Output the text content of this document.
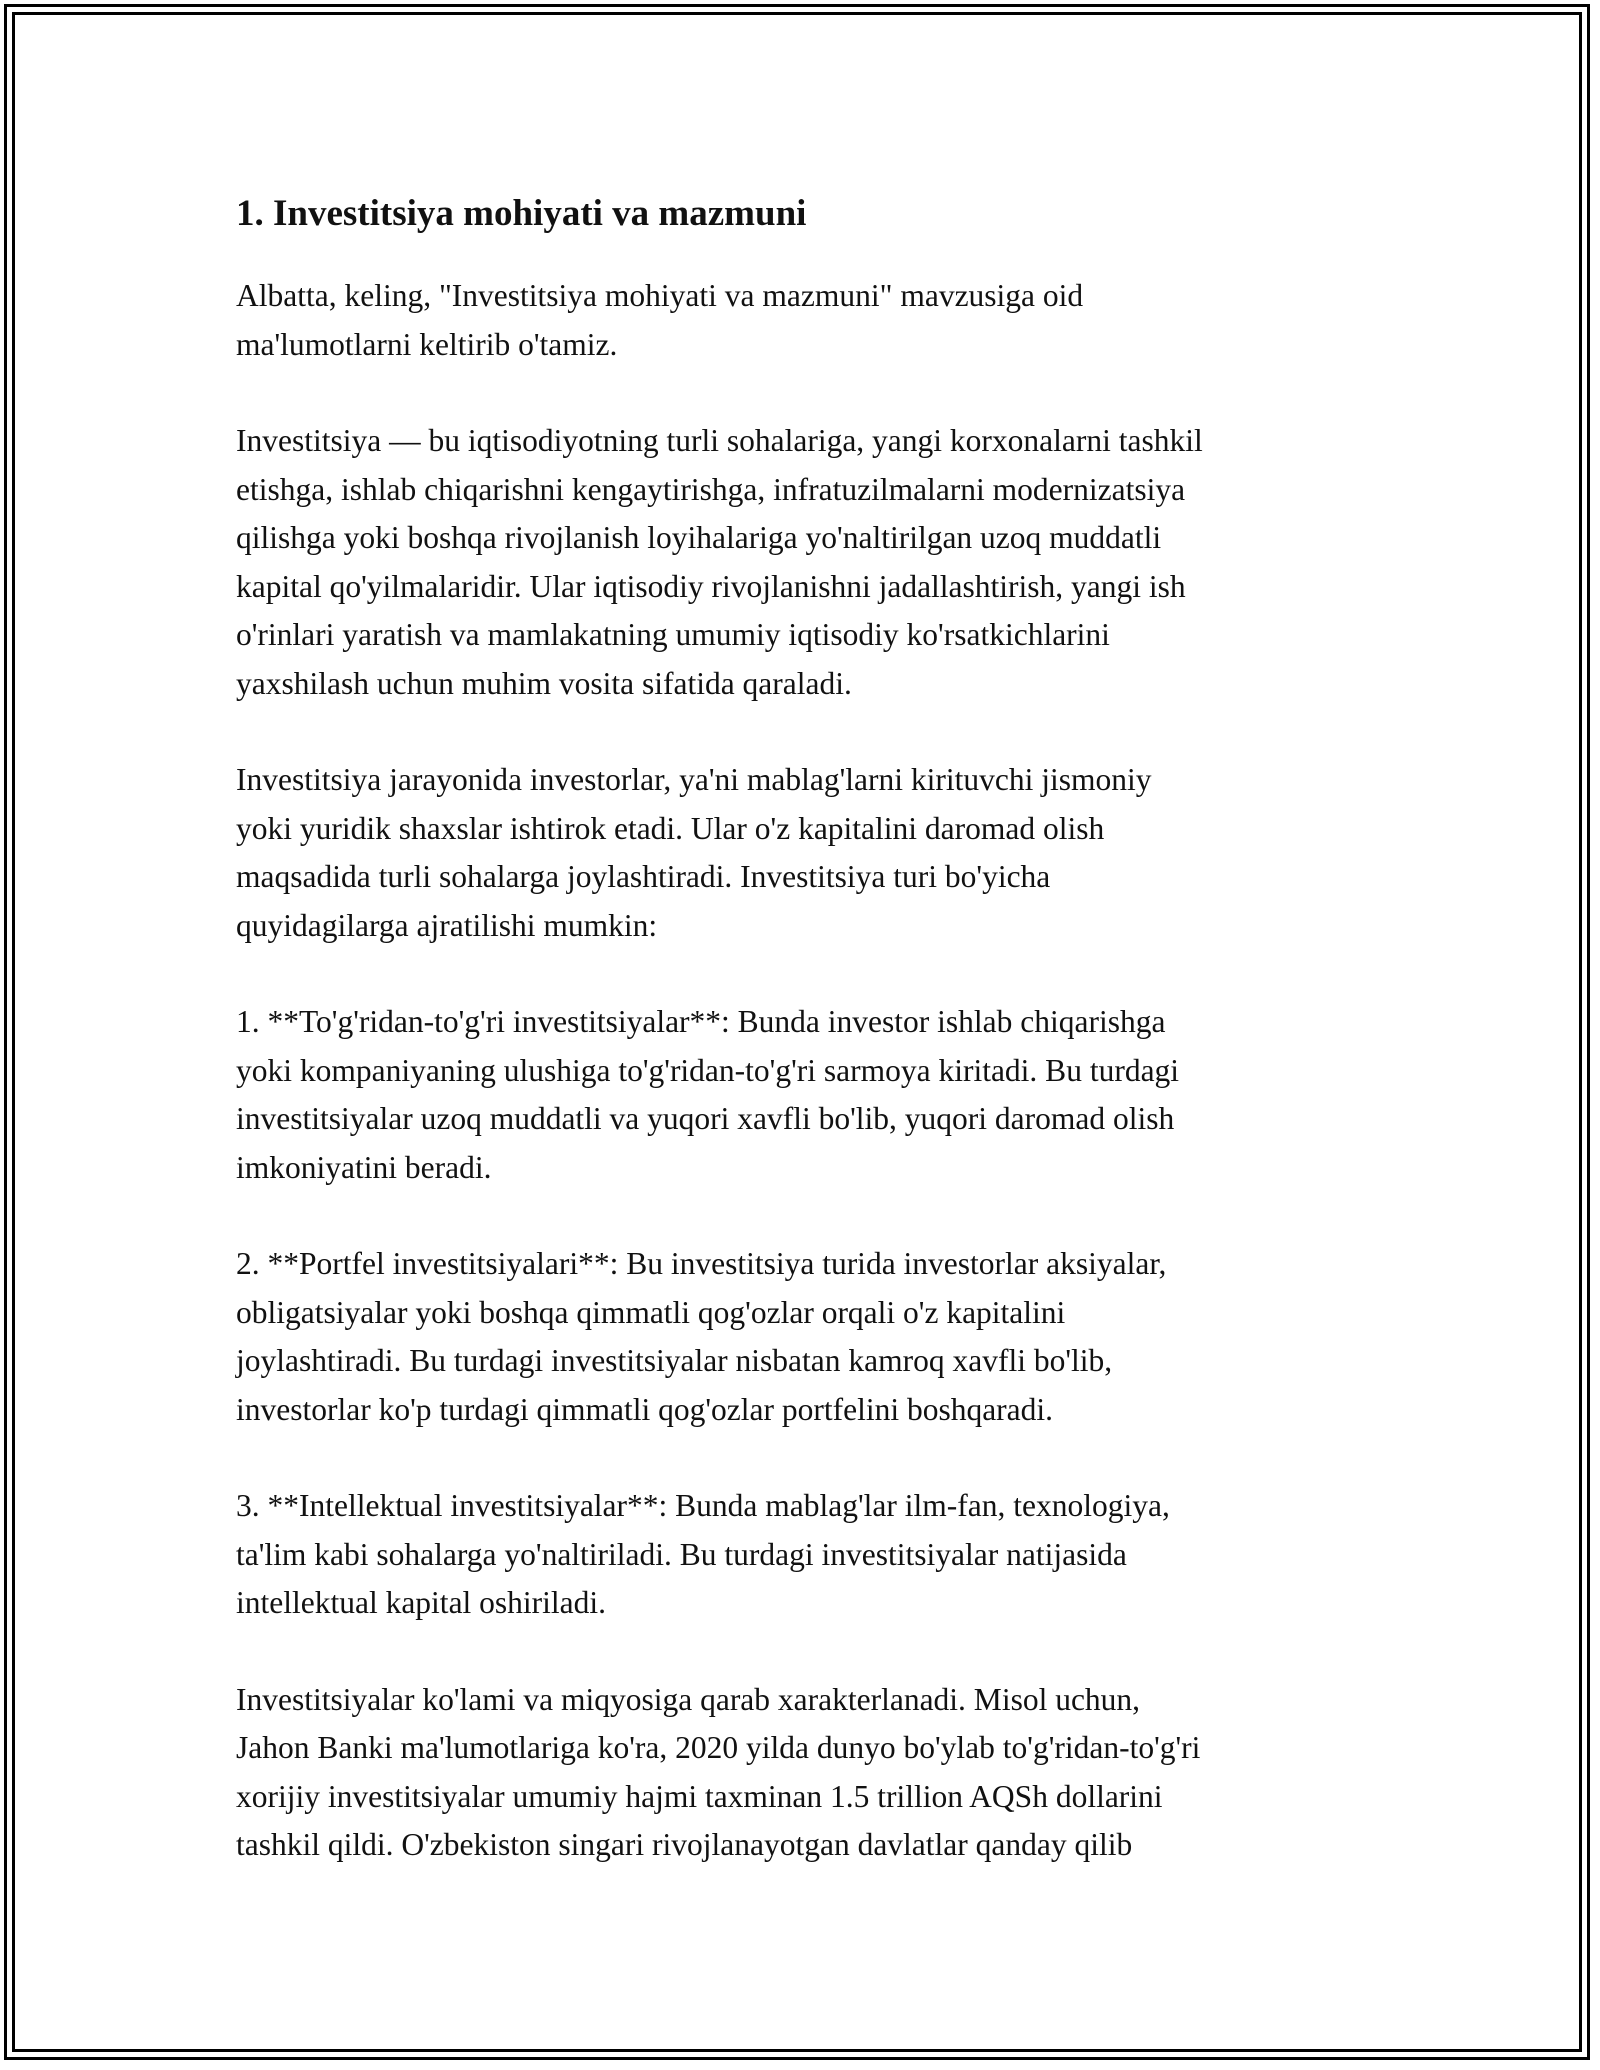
1. Investitsiya mohiyati va mazmuni

Albatta, keling, "Investitsiya mohiyati va mazmuni" mavzusiga oid
ma'lumotlarni keltirib o'tamiz.

Investitsiya — bu iqtisodiyotning turli sohalariga, yangi korxonalarni tashkil
etishga, ishlab chiqarishni kengaytirishga, infratuzilmalarni modernizatsiya
qilishga yoki boshqa rivojlanish loyihalariga yo'naltirilgan uzoq muddatli
kapital qo'yilmalaridir. Ular iqtisodiy rivojlanishni jadallashtirish, yangi ish
o'rinlari yaratish va mamlakatning umumiy iqtisodiy ko'rsatkichlarini
yaxshilash uchun muhim vosita sifatida qaraladi.

Investitsiya jarayonida investorlar, ya'ni mablag'larni kirituvchi jismoniy
yoki yuridik shaxslar ishtirok etadi. Ular o'z kapitalini daromad olish
maqsadida turli sohalarga joylashtiradi. Investitsiya turi bo'yicha
quyidagilarga ajratilishi mumkin:

1. **To'g'ridan-to'g'ri investitsiyalar**: Bunda investor ishlab chiqarishga
yoki kompaniyaning ulushiga to'g'ridan-to'g'ri sarmoya kiritadi. Bu turdagi
investitsiyalar uzoq muddatli va yuqori xavfli bo'lib, yuqori daromad olish
imkoniyatini beradi.

2. **Portfel investitsiyalari**: Bu investitsiya turida investorlar aksiyalar,
obligatsiyalar yoki boshqa qimmatli qog'ozlar orqali o'z kapitalini
joylashtiradi. Bu turdagi investitsiyalar nisbatan kamroq xavfli bo'lib,
investorlar ko'p turdagi qimmatli qog'ozlar portfelini boshqaradi.

3. **Intellektual investitsiyalar**: Bunda mablag'lar ilm-fan, texnologiya,
ta'lim kabi sohalarga yo'naltiriladi. Bu turdagi investitsiyalar natijasida
intellektual kapital oshiriladi.

Investitsiyalar ko'lami va miqyosiga qarab xarakterlanadi. Misol uchun,
Jahon Banki ma'lumotlariga ko'ra, 2020 yilda dunyo bo'ylab to'g'ridan-to'g'ri
xorijiy investitsiyalar umumiy hajmi taxminan 1.5 trillion AQSh dollarini
tashkil qildi. O'zbekiston singari rivojlanayotgan davlatlar qanday qilib
